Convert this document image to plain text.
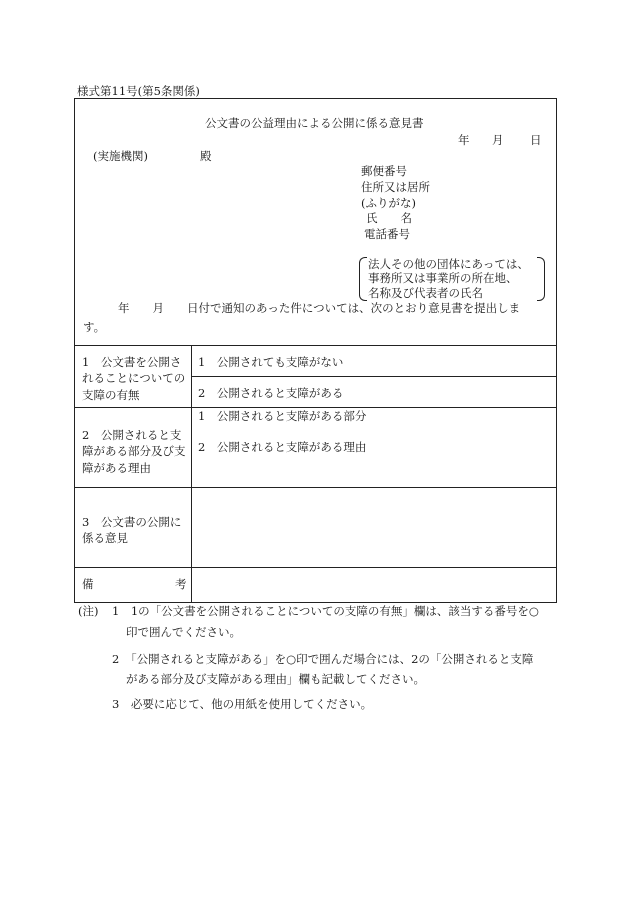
様式第11号(第5条関係)
公文書の公益理由による公開に係る意見書
年 月 日
(実施機関)	殿
郵便番号
住所又は居所
(ふりがな)
氏　　名
電話番号
法人その他の団体にあっては、
事務所又は事業所の所在地、
名称及び代表者の氏名
年　　月　　日付で通知のあった件については、次のとおり意見書を提出しま
す。
1　公文書を公開されることについての支障の有無
1　公開されても支障がない
2　公開されると支障がある
2　公開されると支障がある部分及び支障がある理由
1　公開されると支障がある部分
2　公開されると支障がある理由
3　公文書の公開に係る意見
備	考
(注) 1　1の「公文書を公開されることについての支障の有無」欄は、該当する番号を○
印で囲んでください。
2　「公開されると支障がある」を○印で囲んだ場合には、2の「公開されると支障
がある部分及び支障がある理由」欄も記載してください。
3　必要に応じて、他の用紙を使用してください。
